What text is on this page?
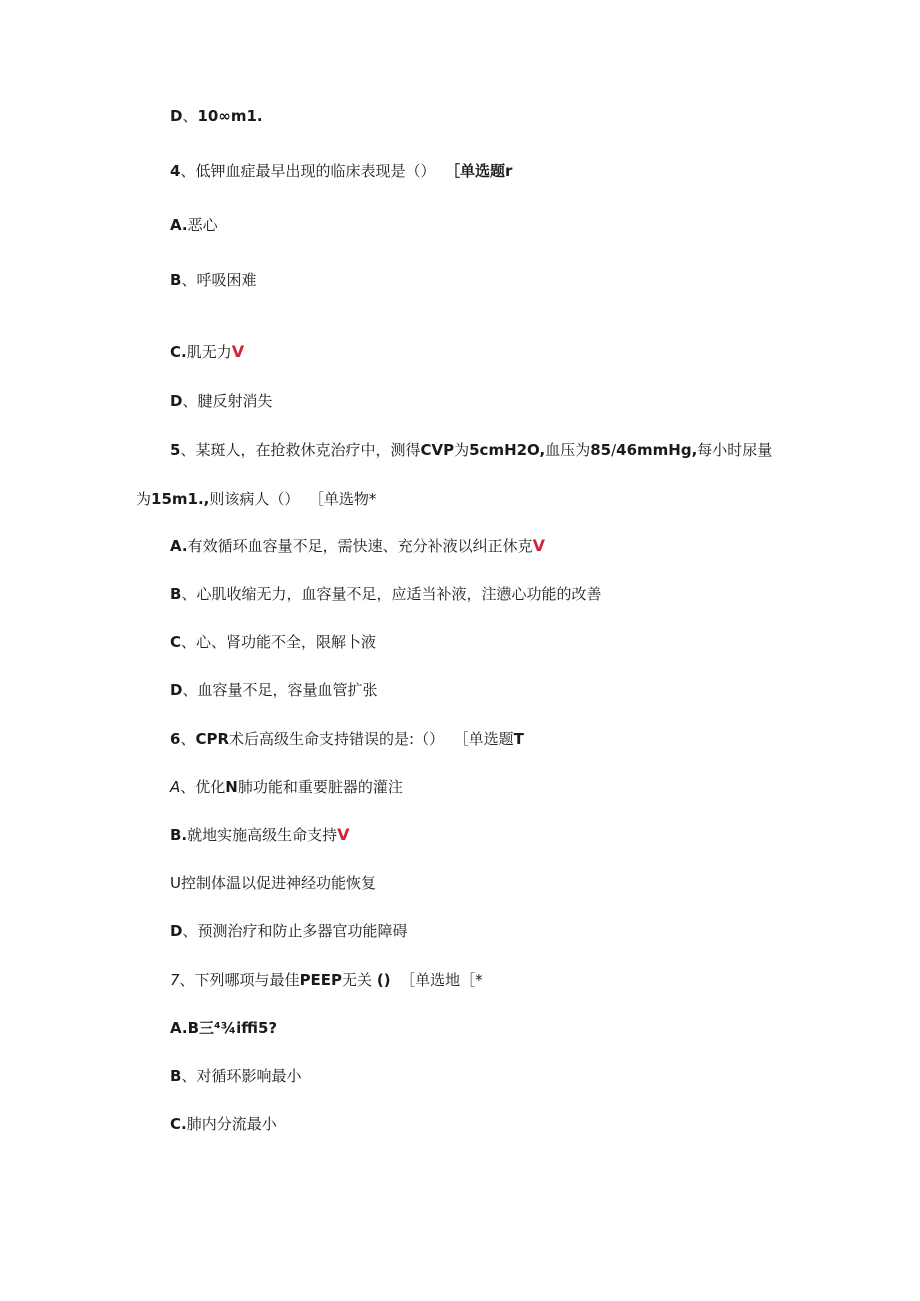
D、10∞m1.
4、低钾血症最早出现的临床表现是（） ［单选题r
A.恶心
B、呼吸困难
C.肌无力V
D、腱反射消失
5、某斑人，在抢救休克治疗中，测得CVP为5cmH2O,血压为85∕46mmHg,每小时尿量
为15m1.,则该病人（） ［单选物*
A.有效循环血容量不足，需快速、充分补液以纠正休克V
B、心肌收缩无力，血容量不足，应适当补液，注懑心功能的改善
C、心、肾功能不全，限解卜液
D、血容量不足，容量血管扩张
6、CPR术后高级生命支持错误的是:（） ［单选题T
A、优化N肺功能和重要脏器的灌注
B.就地实施高级生命支持V
U控制体温以促进神经功能恢复
D、预测治疗和防止多器官功能障碍
7、下列哪项与最佳PEEP无关 () ［单选地［*
A.B三⁴¾iffi5?
B、对循环影响最小
C.肺内分流最小
